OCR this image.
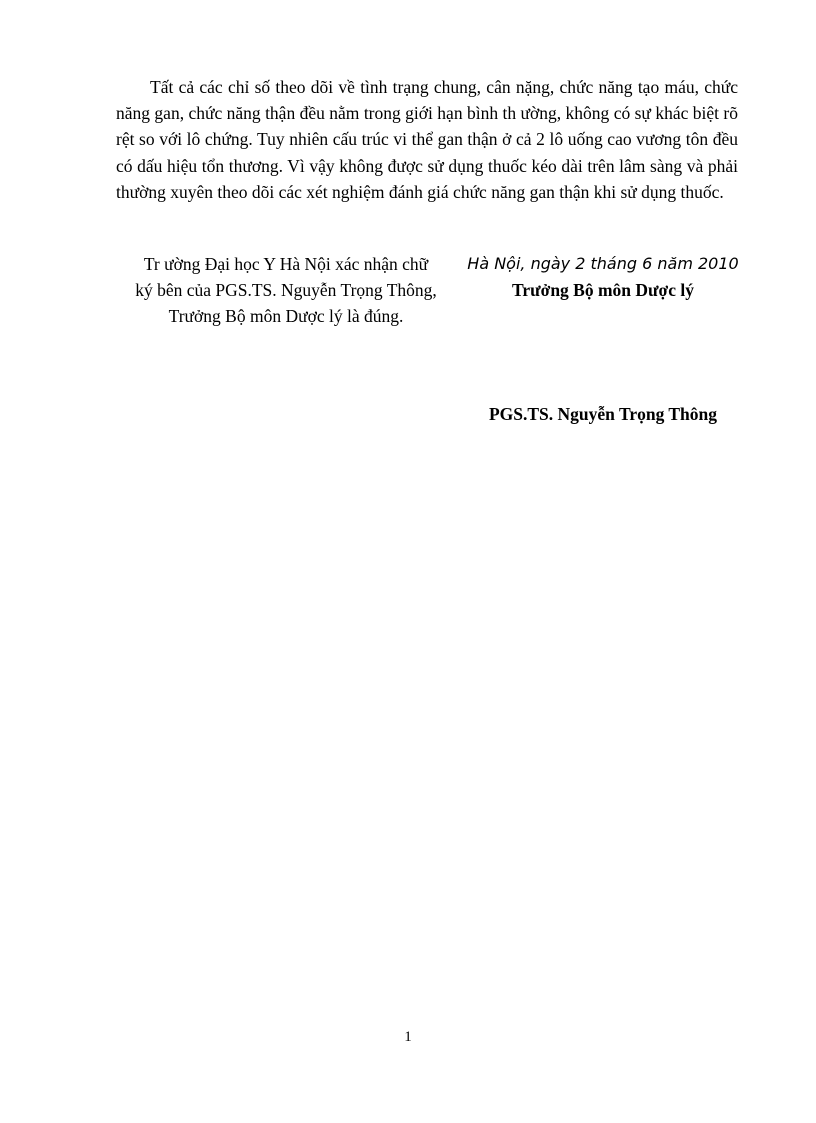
Tất cả các chỉ số theo dõi về tình trạng chung, cân nặng, chức năng tạo máu, chức năng gan, chức năng thận đều nằm trong giới hạn bình th ường, không có sự khác biệt rõ rệt so với lô chứng. Tuy nhiên cấu trúc vi thể gan thận ở cả 2 lô uống cao vương tôn đều có dấu hiệu tổn thương. Vì vậy không được sử dụng thuốc kéo dài trên lâm sàng và phải thường xuyên theo dõi các xét nghiệm đánh giá chức năng gan thận khi sử dụng thuốc.

Tr ường Đại học Y Hà Nội xác nhận chữ
ký bên của PGS.TS. Nguyễn Trọng Thông,
Trưởng Bộ môn Dược lý là đúng.
Hà Nội, ngày 2 tháng 6 năm 2010
Trưởng Bộ môn Dược lý
PGS.TS. Nguyễn Trọng Thông
1
